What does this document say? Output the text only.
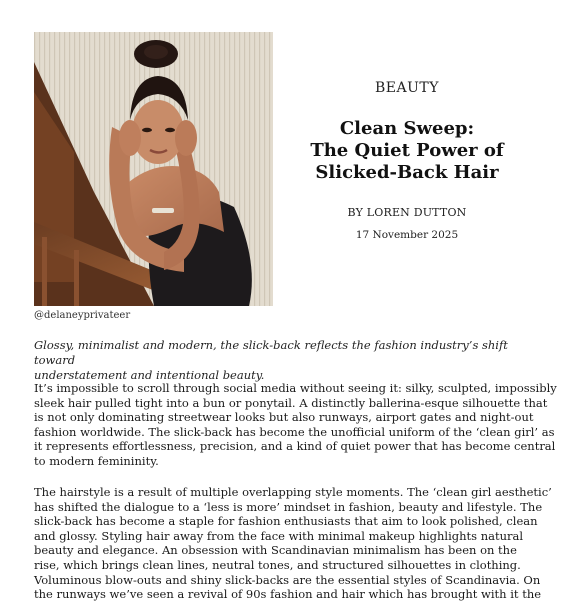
@delaneyprivateer
BEAUTY
Clean Sweep:
The Quiet Power of
Slicked-Back Hair
BY LOREN DUTTON
17 November 2025
Glossy, minimalist and modern, the slick-back reflects the fashion industry’s shift toward
understatement and intentional beauty.
It’s impossible to scroll through social media without seeing it: silky, sculpted, impossibly
sleek hair pulled tight into a bun or ponytail. A distinctly ballerina-esque silhouette that
is not only dominating streetwear looks but also runways, airport gates and night-out
fashion worldwide. The slick-back has become the unofficial uniform of the ‘clean girl’ as
it represents effortlessness, precision, and a kind of quiet power that has become central
to modern femininity.
The hairstyle is a result of multiple overlapping style moments. The ‘clean girl aesthetic’
has shifted the dialogue to a ‘less is more’ mindset in fashion, beauty and lifestyle. The
slick-back has become a staple for fashion enthusiasts that aim to look polished, clean
and glossy. Styling hair away from the face with minimal makeup highlights natural
beauty and elegance. An obsession with Scandinavian minimalism has been on the
rise, which brings clean lines, neutral tones, and structured silhouettes in clothing.
Voluminous blow-outs and shiny slick-backs are the essential styles of Scandinavia. On
the runways we’ve seen a revival of 90s fashion and hair which has brought with it the
